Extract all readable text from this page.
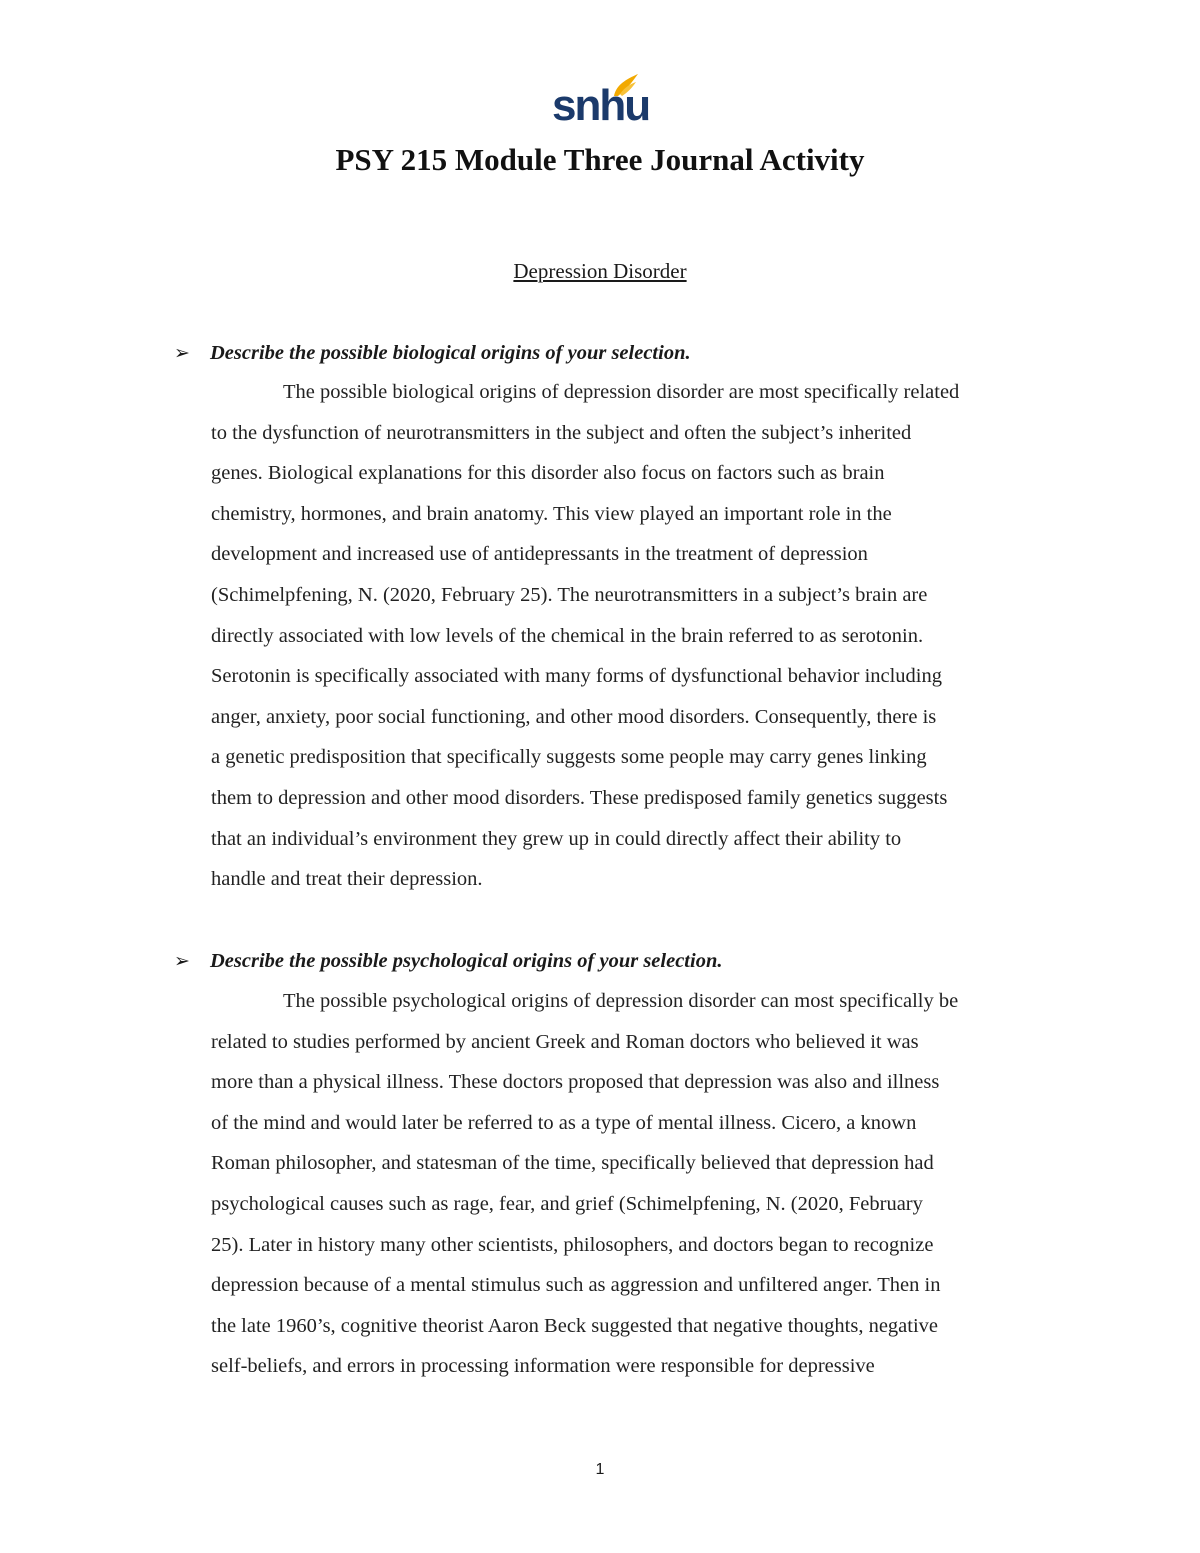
snhu
PSY 215 Module Three Journal Activity
Depression Disorder
➢ Describe the possible biological origins of your selection.
The possible biological origins of depression disorder are most specifically related
to the dysfunction of neurotransmitters in the subject and often the subject’s inherited
genes. Biological explanations for this disorder also focus on factors such as brain
chemistry, hormones, and brain anatomy. This view played an important role in the
development and increased use of antidepressants in the treatment of depression
(Schimelpfening, N. (2020, February 25). The neurotransmitters in a subject’s brain are
directly associated with low levels of the chemical in the brain referred to as serotonin.
Serotonin is specifically associated with many forms of dysfunctional behavior including
anger, anxiety, poor social functioning, and other mood disorders. Consequently, there is
a genetic predisposition that specifically suggests some people may carry genes linking
them to depression and other mood disorders. These predisposed family genetics suggests
that an individual’s environment they grew up in could directly affect their ability to
handle and treat their depression.
➢ Describe the possible psychological origins of your selection.
The possible psychological origins of depression disorder can most specifically be
related to studies performed by ancient Greek and Roman doctors who believed it was
more than a physical illness. These doctors proposed that depression was also and illness
of the mind and would later be referred to as a type of mental illness. Cicero, a known
Roman philosopher, and statesman of the time, specifically believed that depression had
psychological causes such as rage, fear, and grief (Schimelpfening, N. (2020, February
25). Later in history many other scientists, philosophers, and doctors began to recognize
depression because of a mental stimulus such as aggression and unfiltered anger. Then in
the late 1960’s, cognitive theorist Aaron Beck suggested that negative thoughts, negative
self-beliefs, and errors in processing information were responsible for depressive
1
